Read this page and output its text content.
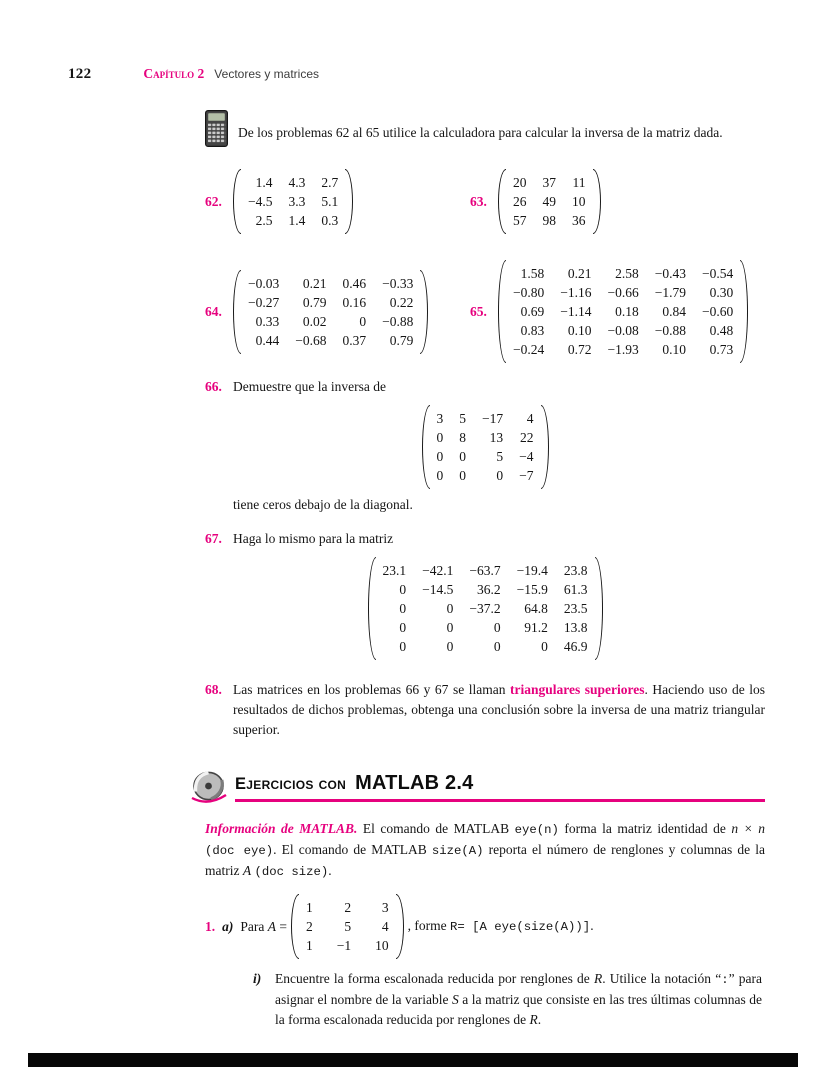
122	Capítulo 2 Vectores y matrices

De los problemas 62 al 65 utilice la calculadora para calcular la inversa de la matriz dada.

62.
1.4 4.3 2.7
−4.5 3.3 5.1
2.5 1.4 0.3
63.
20 37 11
26 49 10
57 98 36
64.
−0.03	0.21 0.46 −0.33
−0.27	0.79 0.16	0.22
0.33	0.02	0 −0.88
0.44 −0.68 0.37	0.79
65.
1.58	0.21	2.58 −0.43 −0.54
−0.80 −1.16 −0.66 −1.79	0.30
0.69 −1.14	0.18	0.84 −0.60
0.83	0.10 −0.08 −0.88	0.48
−0.24	0.72 −1.93	0.10	0.73
66. Demuestre que la inversa de

3 5 −17	4
0 8	13 22
0 0	5 −4
0 0	0 −7

tiene ceros debajo de la diagonal.

67. Haga lo mismo para la matriz

23.1 −42.1 −63.7 −19.4 23.8
0 −14.5	36.2 −15.9 61.3
0	0 −37.2	64.8 23.5
0	0	0	91.2 13.8
0	0	0	0 46.9
68. Las matrices en los problemas 66 y 67 se llaman triangulares superiores. Haciendo uso de los resultados de dichos problemas, obtenga una conclusión sobre la inversa de una matriz triangular superior.

Ejercicios con MATLAB 2.4

Información de MATLAB. El comando de MATLAB eye(n) forma la matriz identidad de n × n (doc eye). El comando de MATLAB size(A) reporta el número de renglones y columnas de la matriz A (doc size).

1. a) Para A =
1	2	3
2	5	4
1 −1 10
, forme R= [A eye(size(A))].
i)	Encuentre la forma escalonada reducida por renglones de R. Utilice la notación “:” para asignar el nombre de la variable S a la matriz que consiste en las tres últimas columnas de la forma escalonada reducida por renglones de R.
